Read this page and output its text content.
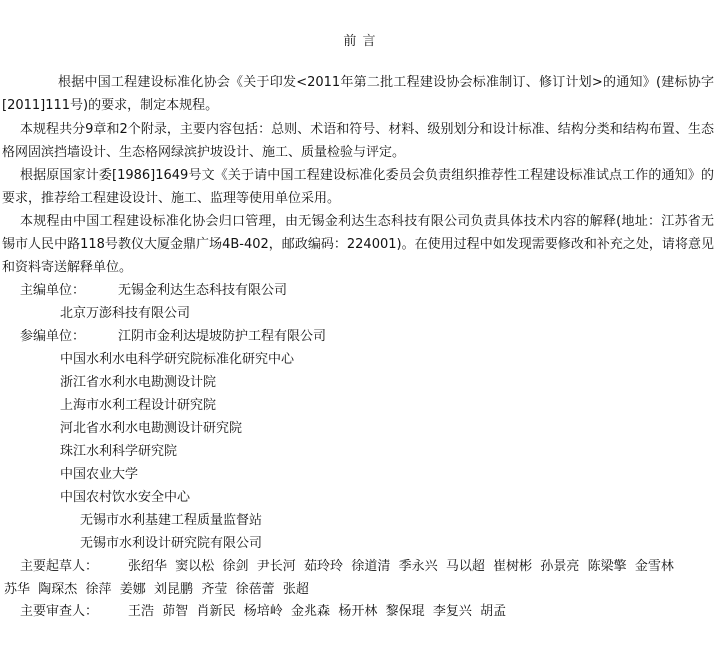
前 言
根据中国工程建设标准化协会《关于印发<2011年第二批工程建设协会标准制订、修订计划>的通知》(建标协字[2011]111号)的要求，制定本规程。
本规程共分9章和2个附录，主要内容包括：总则、术语和符号、材料、级别划分和设计标准、结构分类和结构布置、生态格网固滨挡墙设计、生态格网绿滨护坡设计、施工、质量检验与评定。
根据原国家计委[1986]1649号文《关于请中国工程建设标准化委员会负责组织推荐性工程建设标准试点工作的通知》的要求，推荐给工程建设设计、施工、监理等使用单位采用。
本规程由中国工程建设标准化协会归口管理，由无锡金利达生态科技有限公司负责具体技术内容的解释(地址：江苏省无锡市人民中路118号教仪大厦金鼎广场4B-402，邮政编码：224001)。在使用过程中如发现需要修改和补充之处，请将意见和资料寄送解释单位。
主编单位：	无锡金利达生态科技有限公司
北京万澎科技有限公司
参编单位：	江阴市金利达堤坡防护工程有限公司
中国水利水电科学研究院标准化研究中心
浙江省水利水电勘测设计院
上海市水利工程设计研究院
河北省水利水电勘测设计研究院
珠江水利科学研究院
中国农业大学
中国农村饮水安全中心
无锡市水利基建工程质量监督站
无锡市水利设计研究院有限公司
主要起草人： 张绍华  窦以松  徐剑  尹长河  茹玲玲  徐道清  季永兴  马以超  崔树彬  孙景亮  陈梁擎  金雪林
苏华  陶琛杰  徐萍  姜娜  刘昆鹏  齐莹  徐蓓蕾  张超
主要审查人： 王浩  茆智  肖新民  杨培岭  金兆森  杨开林  黎保琨  李复兴  胡孟
